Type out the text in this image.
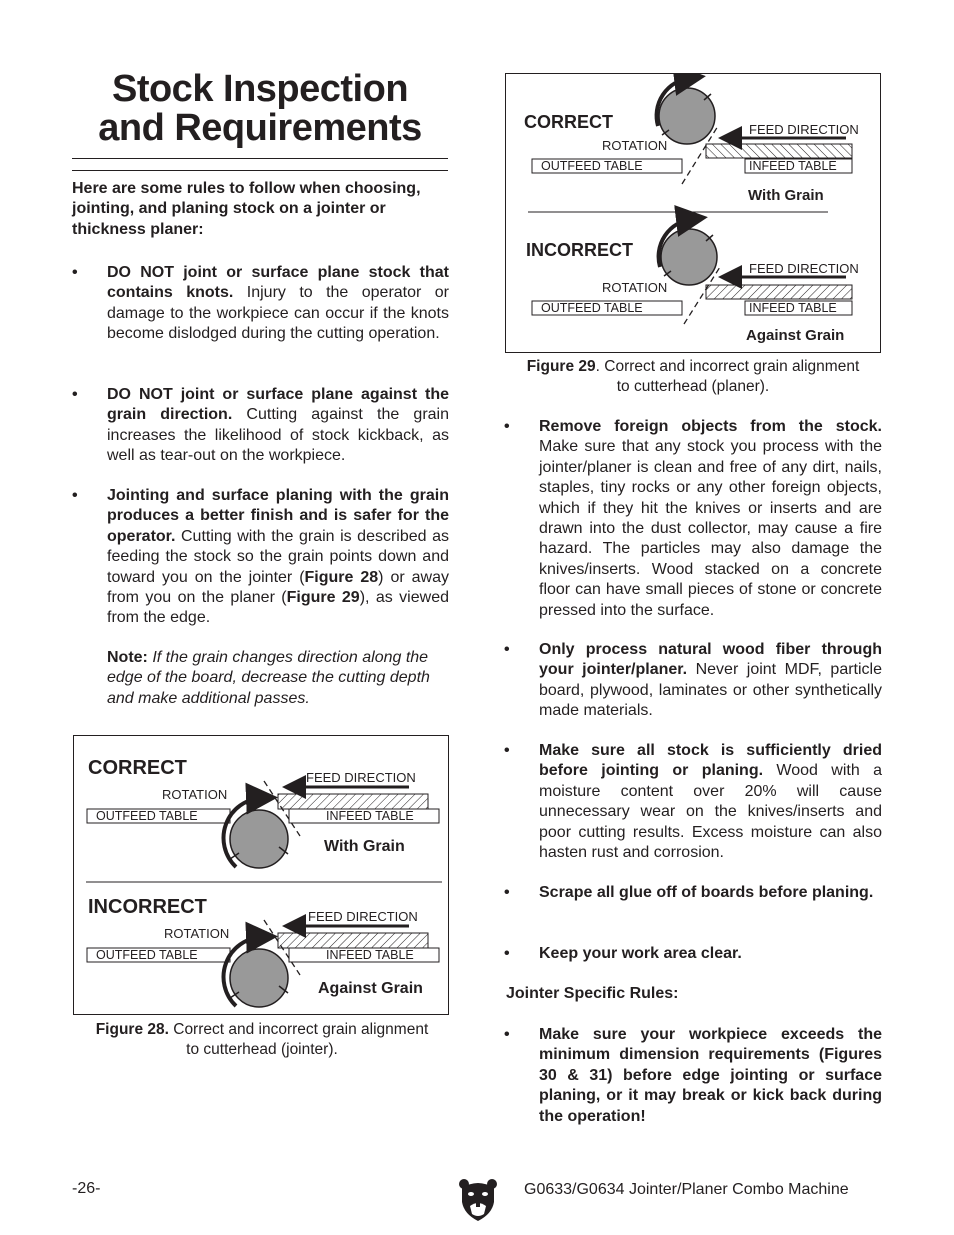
Stock Inspection
and Requirements

Here are some rules to follow when choosing, jointing, and planing stock on a jointer or thickness planer:

• DO NOT joint or surface plane stock that contains knots. Injury to the operator or damage to the workpiece can occur if the knots become dislodged during the cutting operation.
• DO NOT joint or surface plane against the grain direction. Cutting against the grain increases the likelihood of stock kickback, as well as tear-out on the workpiece.
• Jointing and surface planing with the grain produces a better finish and is safer for the operator. Cutting with the grain is described as feeding the stock so the grain points down and toward you on the jointer (Figure 28) or away from you on the planer (Figure 29), as viewed from the edge.
Note: If the grain changes direction along the edge of the board, decrease the cutting depth and make additional passes.
CORRECT
ROTATION
FEED DIRECTION
OUTFEED TABLE	INFEED TABLE
With Grain
INCORRECT
ROTATION
FEED DIRECTION
OUTFEED TABLE	INFEED TABLE
Against Grain
Figure 28. Correct and incorrect grain alignment
to cutterhead (jointer).
CORRECT
ROTATION
FEED DIRECTION
OUTFEED TABLE	INFEED TABLE
With Grain
INCORRECT
ROTATION
FEED DIRECTION
OUTFEED TABLE	INFEED TABLE
Against Grain
Figure 29. Correct and incorrect grain alignment
to cutterhead (planer).
• Remove foreign objects from the stock. Make sure that any stock you process with the jointer/planer is clean and free of any dirt, nails, staples, tiny rocks or any other foreign objects, which if they hit the knives or inserts and are drawn into the dust collector, may cause a fire hazard. The particles may also damage the knives/inserts. Wood stacked on a concrete floor can have small pieces of stone or concrete pressed into the surface.
• Only process natural wood fiber through your jointer/planer. Never joint MDF, particle board, plywood, laminates or other synthetically made materials.
• Make sure all stock is sufficiently dried before jointing or planing. Wood with a moisture content over 20% will cause unnecessary wear on the knives/inserts and poor cutting results. Excess moisture can also hasten rust and corrosion.
• Scrape all glue off of boards before planing.
• Keep your work area clear.
Jointer Specific Rules:
• Make sure your workpiece exceeds the minimum dimension requirements (Figures 30 & 31) before edge jointing or surface planing, or it may break or kick back during the operation!
-26-	G0633/G0634 Jointer/Planer Combo Machine
